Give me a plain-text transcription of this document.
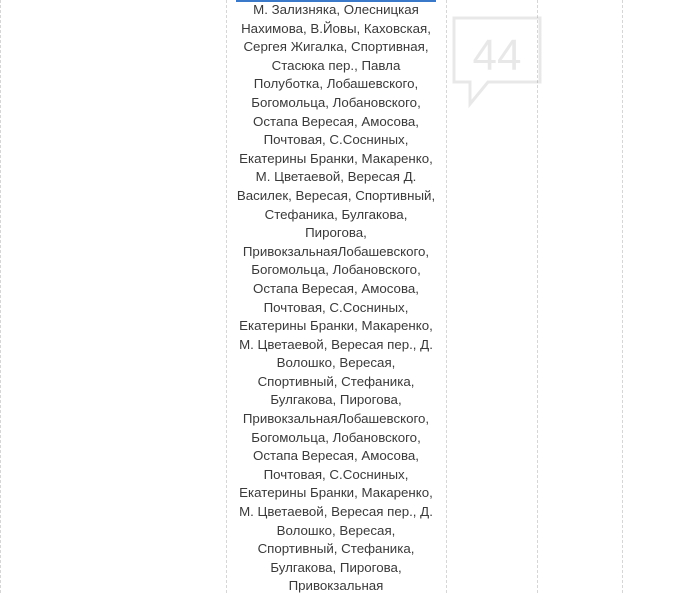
44

М. Зализняка, Олесницкая
Нахимова, В.Йовы, Каховская,
Сергея Жигалка, Спортивная,
Стасюка пер., Павла
Полуботка, Лобашевского,
Богомольца, Лобановского,
Остапа Вересая, Амосова,
Почтовая, С.Сосниных,
Екатерины Бранки, Макаренко,
М. Цветаевой, Вересая Д.
Василек, Вересая, Спортивный,
Стефаника, Булгакова,
Пирогова,
ПривокзальнаяЛобашевского,
Богомольца, Лобановского,
Остапа Вересая, Амосова,
Почтовая, С.Сосниных,
Екатерины Бранки, Макаренко,
М. Цветаевой, Вересая пер., Д.
Волошко, Вересая,
Спортивный, Стефаника,
Булгакова, Пирогова,
ПривокзальнаяЛобашевского,
Богомольца, Лобановского,
Остапа Вересая, Амосова,
Почтовая, С.Сосниных,
Екатерины Бранки, Макаренко,
М. Цветаевой, Вересая пер., Д.
Волошко, Вересая,
Спортивный, Стефаника,
Булгакова, Пирогова,
Привокзальная
